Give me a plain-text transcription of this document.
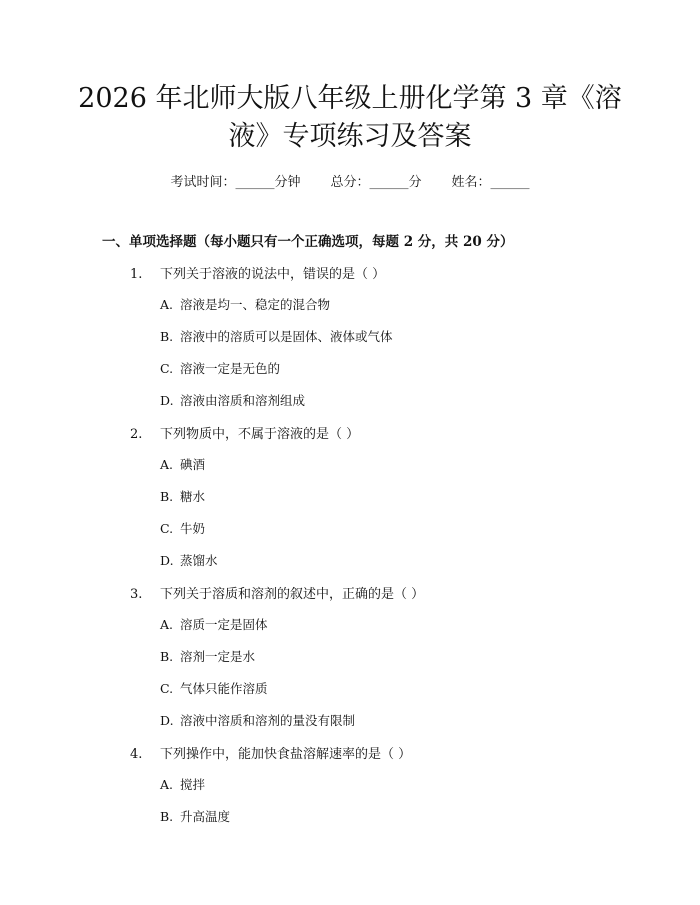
2026 年北师大版八年级上册化学第 3 章《溶
液》专项练习及答案
考试时间：______分钟 总分：______分 姓名：______
一、单项选择题（每小题只有一个正确选项，每题 2 分，共 20 分）
1. 下列关于溶液的说法中，错误的是（ ）
A. 溶液是均一、稳定的混合物
B. 溶液中的溶质可以是固体、液体或气体
C. 溶液一定是无色的
D. 溶液由溶质和溶剂组成
2. 下列物质中，不属于溶液的是（ ）
A. 碘酒
B. 糖水
C. 牛奶
D. 蒸馏水
3. 下列关于溶质和溶剂的叙述中，正确的是（ ）
A. 溶质一定是固体
B. 溶剂一定是水
C. 气体只能作溶质
D. 溶液中溶质和溶剂的量没有限制
4. 下列操作中，能加快食盐溶解速率的是（ ）
A. 搅拌
B. 升高温度
